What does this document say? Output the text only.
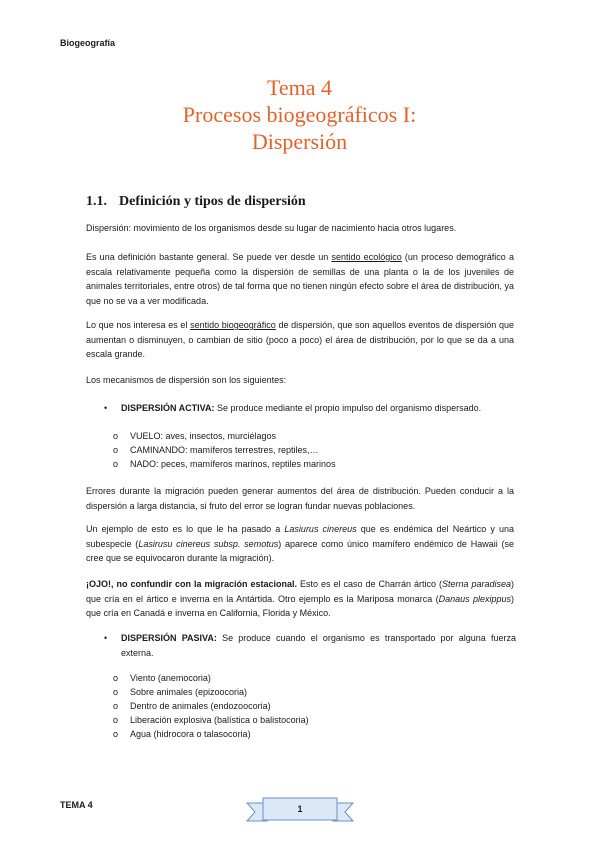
Biogeografía
Tema 4
Procesos biogeográficos I:
Dispersión
1.1. Definición y tipos de dispersión
Dispersión: movimiento de los organismos desde su lugar de nacimiento hacia otros lugares.
Es una definición bastante general. Se puede ver desde un sentido ecológico (un proceso demográfico a escala relativamente pequeña como la dispersión de semillas de una planta o la de los juveniles de animales territoriales, entre otros) de tal forma que no tienen ningún efecto sobre el área de distribución, ya que no se va a ver modificada.
Lo que nos interesa es el sentido biogeográfico de dispersión, que son aquellos eventos de dispersión que aumentan o disminuyen, o cambian de sitio (poco a poco) el área de distribución, por lo que se da a una escala grande.
Los mecanismos de dispersión son los siguientes:
• DISPERSIÓN ACTIVA: Se produce mediante el propio impulso del organismo dispersado.
o VUELO: aves, insectos, murciélagos
o CAMINANDO: mamíferos terrestres, reptiles,…
o NADO: peces, mamíferos marinos, reptiles marinos
Errores durante la migración pueden generar aumentos del área de distribución. Pueden conducir a la dispersión a larga distancia, si fruto del error se logran fundar nuevas poblaciones.
Un ejemplo de esto es lo que le ha pasado a Lasiurus cinereus que es endémica del Neártico y una subespecie (Lasirusu cinereus subsp. semotus) aparece como único mamífero endémico de Hawaii (se cree que se equivocaron durante la migración).
¡OJO!, no confundir con la migración estacional. Esto es el caso de Charrán ártico (Sterna paradisea) que cría en el ártico e inverna en la Antártida. Otro ejemplo es la Mariposa monarca (Danaus plexippus) que cría en Canadá e inverna en California, Florida y México.
• DISPERSIÓN PASIVA: Se produce cuando el organismo es transportado por alguna fuerza externa.
o Viento (anemocoria)
o Sobre animales (epizoocoria)
o Dentro de animales (endozoocoria)
o Liberación explosiva (balística o balistocoria)
o Agua (hidrocora o talasocoria)
TEMA 4	1
